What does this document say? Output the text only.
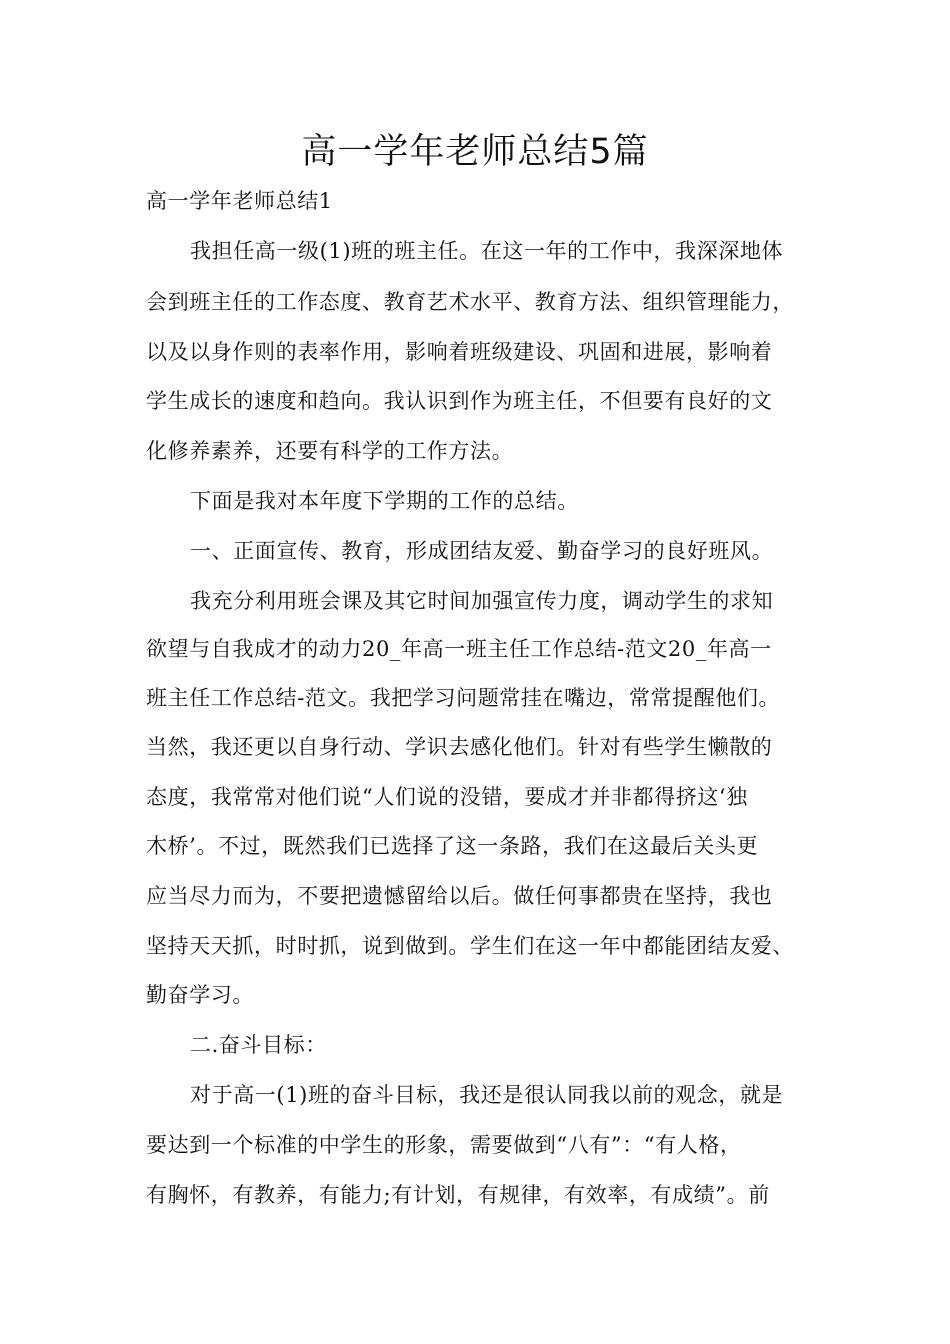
高一学年老师总结5篇
高一学年老师总结1
我担任高一级(1)班的班主任。在这一年的工作中，我深深地体
会到班主任的工作态度、教育艺术水平、教育方法、组织管理能力，
以及以身作则的表率作用，影响着班级建设、巩固和进展，影响着
学生成长的速度和趋向。我认识到作为班主任，不但要有良好的文
化修养素养，还要有科学的工作方法。
下面是我对本年度下学期的工作的总结。
一、正面宣传、教育，形成团结友爱、勤奋学习的良好班风。
我充分利用班会课及其它时间加强宣传力度，调动学生的求知
欲望与自我成才的动力20_年高一班主任工作总结-范文20_年高一
班主任工作总结-范文。我把学习问题常挂在嘴边，常常提醒他们。
当然，我还更以自身行动、学识去感化他们。针对有些学生懒散的
态度，我常常对他们说“人们说的没错，要成才并非都得挤这‘独
木桥’。不过，既然我们已选择了这一条路，我们在这最后关头更
应当尽力而为，不要把遗憾留给以后。做任何事都贵在坚持，我也
坚持天天抓，时时抓，说到做到。学生们在这一年中都能团结友爱、
勤奋学习。
二.奋斗目标：
对于高一(1)班的奋斗目标，我还是很认同我以前的观念，就是
要达到一个标准的中学生的形象，需要做到“八有”：“有人格，
有胸怀，有教养，有能力;有计划，有规律，有效率，有成绩”。前
